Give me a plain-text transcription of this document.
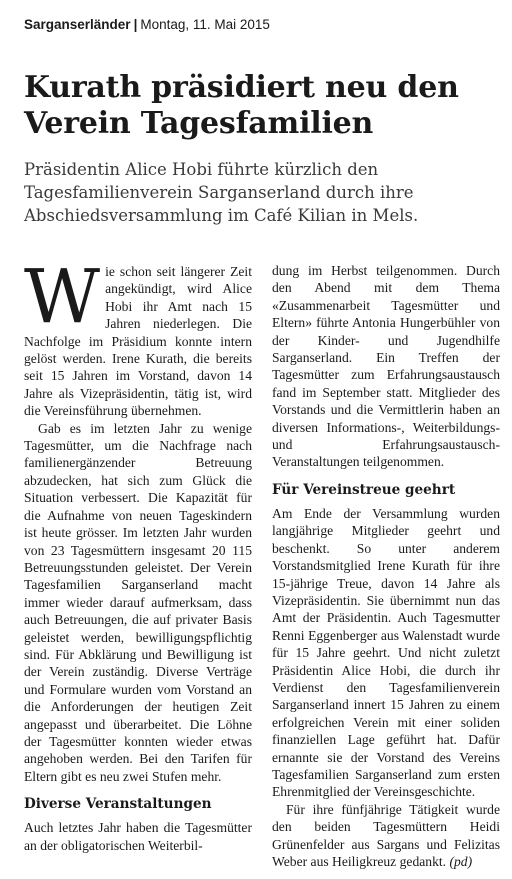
Sarganserländer | Montag, 11. Mai 2015
Kurath präsidiert neu den Verein Tagesfamilien

Präsidentin Alice Hobi führte kürzlich den Tagesfamilienverein Sarganserland durch ihre Abschiedsversammlung im Café Kilian in Mels.

Wie schon seit längerer Zeit angekündigt, wird Alice Hobi ihr Amt nach 15 Jahren niederlegen. Die Nachfolge im Präsidium konnte intern gelöst werden. Irene Kurath, die bereits seit 15 Jahren im Vorstand, davon 14 Jahre als Vizepräsidentin, tätig ist, wird die Vereinsführung übernehmen.

Gab es im letzten Jahr zu wenige Tagesmütter, um die Nachfrage nach familienergänzender Betreuung abzudecken, hat sich zum Glück die Situation verbessert. Die Kapazität für die Aufnahme von neuen Tageskindern ist heute grösser. Im letzten Jahr wurden von 23 Tagesmüttern insgesamt 20 115 Betreuungsstunden geleistet. Der Verein Tagesfamilien Sarganserland macht immer wieder darauf aufmerksam, dass auch Betreuungen, die auf privater Basis geleistet werden, bewilligungspflichtig sind. Für Abklärung und Bewilligung ist der Verein zuständig. Diverse Verträge und Formulare wurden vom Vorstand an die Anforderungen der heutigen Zeit angepasst und überarbeitet. Die Löhne der Tagesmütter konnten wieder etwas angehoben werden. Bei den Tarifen für Eltern gibt es neu zwei Stufen mehr.

Diverse Veranstaltungen

Auch letztes Jahr haben die Tagesmütter an der obligatorischen Weiterbil-

dung im Herbst teilgenommen. Durch den Abend mit dem Thema «Zusammenarbeit Tagesmütter und Eltern» führte Antonia Hungerbühler von der Kinder- und Jugendhilfe Sarganserland. Ein Treffen der Tagesmütter zum Erfahrungsaustausch fand im September statt. Mitglieder des Vorstands und die Vermittlerin haben an diversen Informations-, Weiterbildungs- und Erfahrungsaustausch-Veranstaltungen teilgenommen.

Für Vereinstreue geehrt

Am Ende der Versammlung wurden langjährige Mitglieder geehrt und beschenkt. So unter anderem Vorstandsmitglied Irene Kurath für ihre 15-jährige Treue, davon 14 Jahre als Vizepräsidentin. Sie übernimmt nun das Amt der Präsidentin. Auch Tagesmutter Renni Eggenberger aus Walenstadt wurde für 15 Jahre geehrt. Und nicht zuletzt Präsidentin Alice Hobi, die durch ihr Verdienst den Tagesfamilienverein Sarganserland innert 15 Jahren zu einem erfolgreichen Verein mit einer soliden finanziellen Lage geführt hat. Dafür ernannte sie der Vorstand des Vereins Tagesfamilien Sarganserland zum ersten Ehrenmitglied der Vereinsgeschichte.

Für ihre fünfjährige Tätigkeit wurde den beiden Tagesmüttern Heidi Grünenfelder aus Sargans und Felizitas Weber aus Heiligkreuz gedankt. (pd)
